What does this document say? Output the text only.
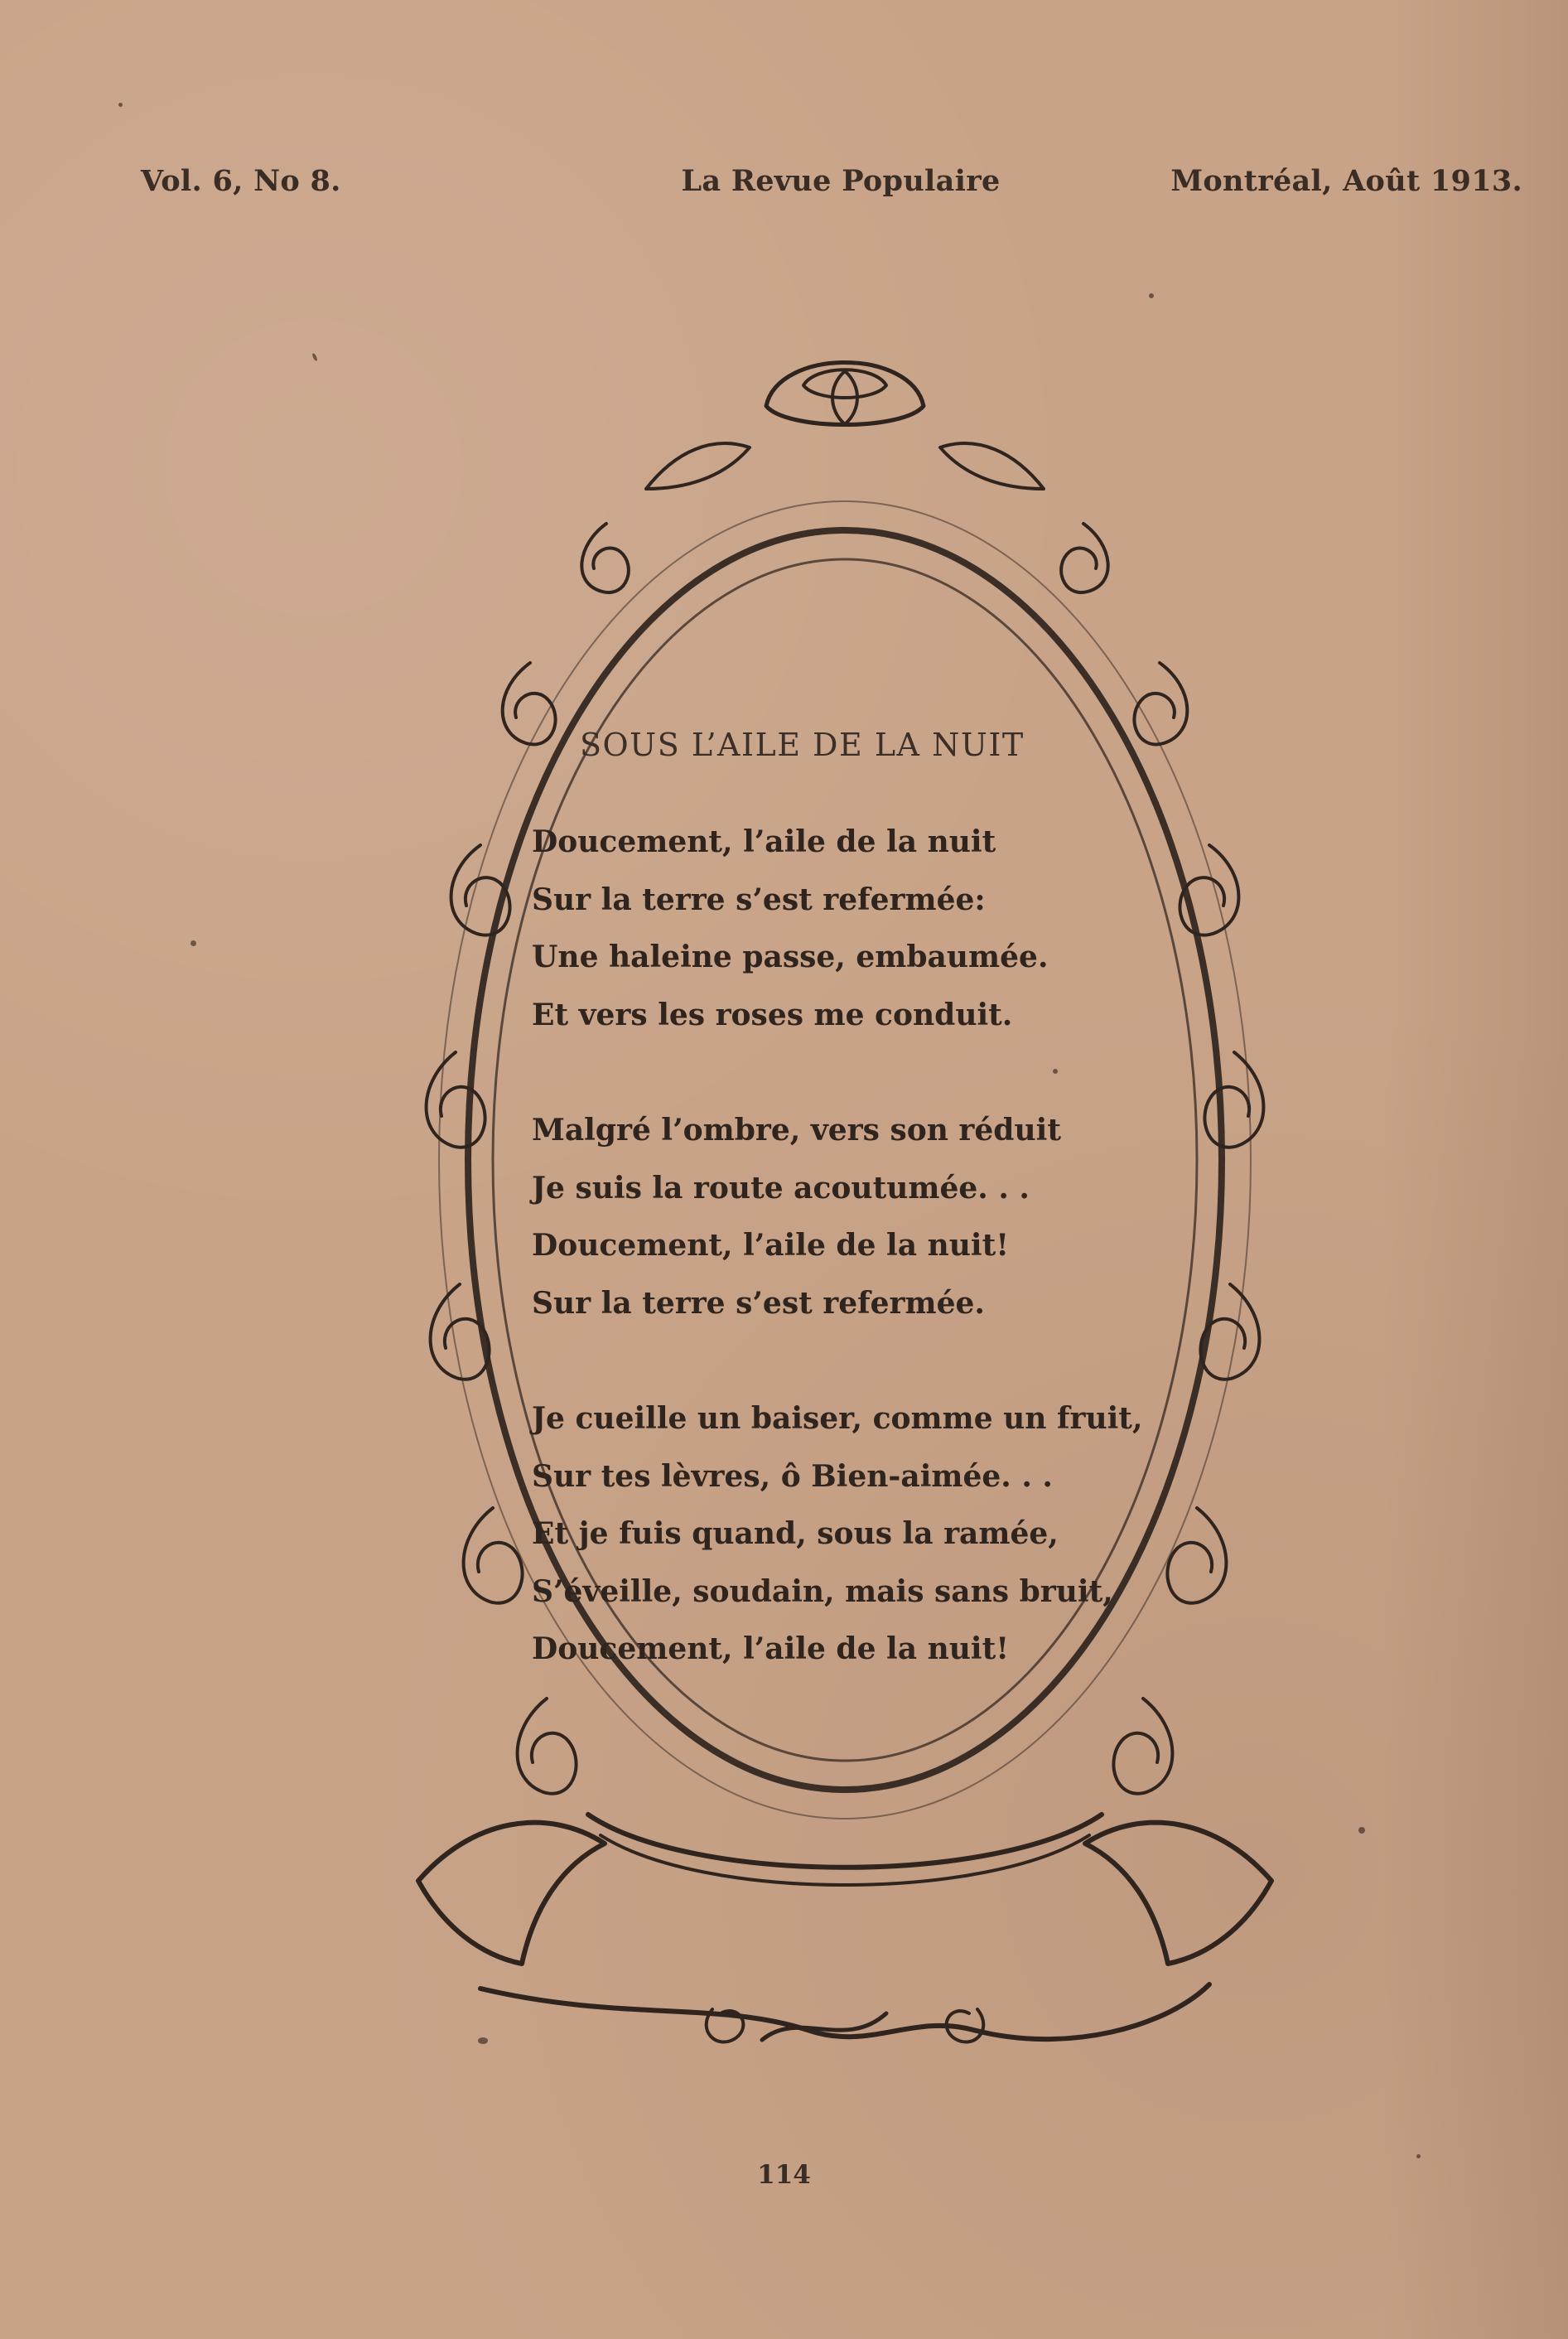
Vol. 6, No 8.	La Revue Populaire	Montréal, Août 1913.
SOUS L’AILE DE LA NUIT
Doucement, l’aile de la nuit
Sur la terre s’est refermée:
Une haleine passe, embaumée.
Et vers les roses me conduit.
Malgré l’ombre, vers son réduit
Je suis la route acoutumée. . .
Doucement, l’aile de la nuit!
Sur la terre s’est refermée.
Je cueille un baiser, comme un fruit,
Sur tes lèvres, ô Bien-aimée. . .
Et je fuis quand, sous la ramée,
S’éveille, soudain, mais sans bruit,
Doucement, l’aile de la nuit!
114
